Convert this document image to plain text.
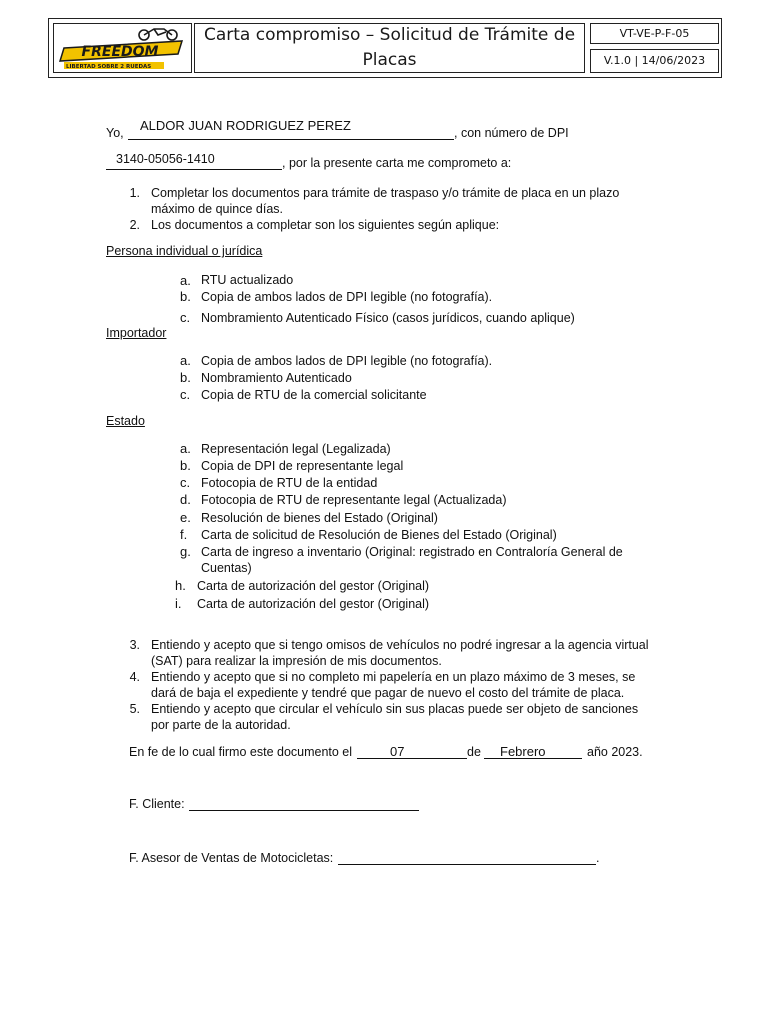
FREEDOM
LIBERTAD SOBRE 2 RUEDAS
Carta compromiso – Solicitud de Trámite de
Placas
VT-VE-P-F-05
V.1.0 | 14/06/2023
Yo, ALDOR JUAN RODRIGUEZ PEREZ	, con número de DPI
3140-05056-1410	, por la presente carta me comprometo a:
1. Completar los documentos para trámite de traspaso y/o trámite de placa en un plazo
máximo de quince días.
2. Los documentos a completar son los siguientes según aplique:
Persona individual o jurídica
a. RTU actualizado
b. Copia de ambos lados de DPI legible (no fotografía).
c. Nombramiento Autenticado Físico (casos jurídicos, cuando aplique)
Importador
a. Copia de ambos lados de DPI legible (no fotografía).
b. Nombramiento Autenticado
c. Copia de RTU de la comercial solicitante
Estado
a. Representación legal (Legalizada)
b. Copia de DPI de representante legal
c. Fotocopia de RTU de la entidad
d. Fotocopia de RTU de representante legal (Actualizada)
e. Resolución de bienes del Estado (Original)
f.	Carta de solicitud de Resolución de Bienes del Estado (Original)
g. Carta de ingreso a inventario (Original: registrado en Contraloría General de
Cuentas)
h. Carta de autorización del gestor (Original)
i.	Carta de autorización del gestor (Original)
3. Entiendo y acepto que si tengo omisos de vehículos no podré ingresar a la agencia virtual
(SAT) para realizar la impresión de mis documentos.
4. Entiendo y acepto que si no completo mi papelería en un plazo máximo de 3 meses, se
dará de baja el expediente y tendré que pagar de nuevo el costo del trámite de placa.
5. Entiendo y acepto que circular el vehículo sin sus placas puede ser objeto de sanciones
por parte de la autoridad.
En fe de lo cual firmo este documento el	07	de Febrero	año 2023.
F. Cliente:
F. Asesor de Ventas de Motocicletas:	.
